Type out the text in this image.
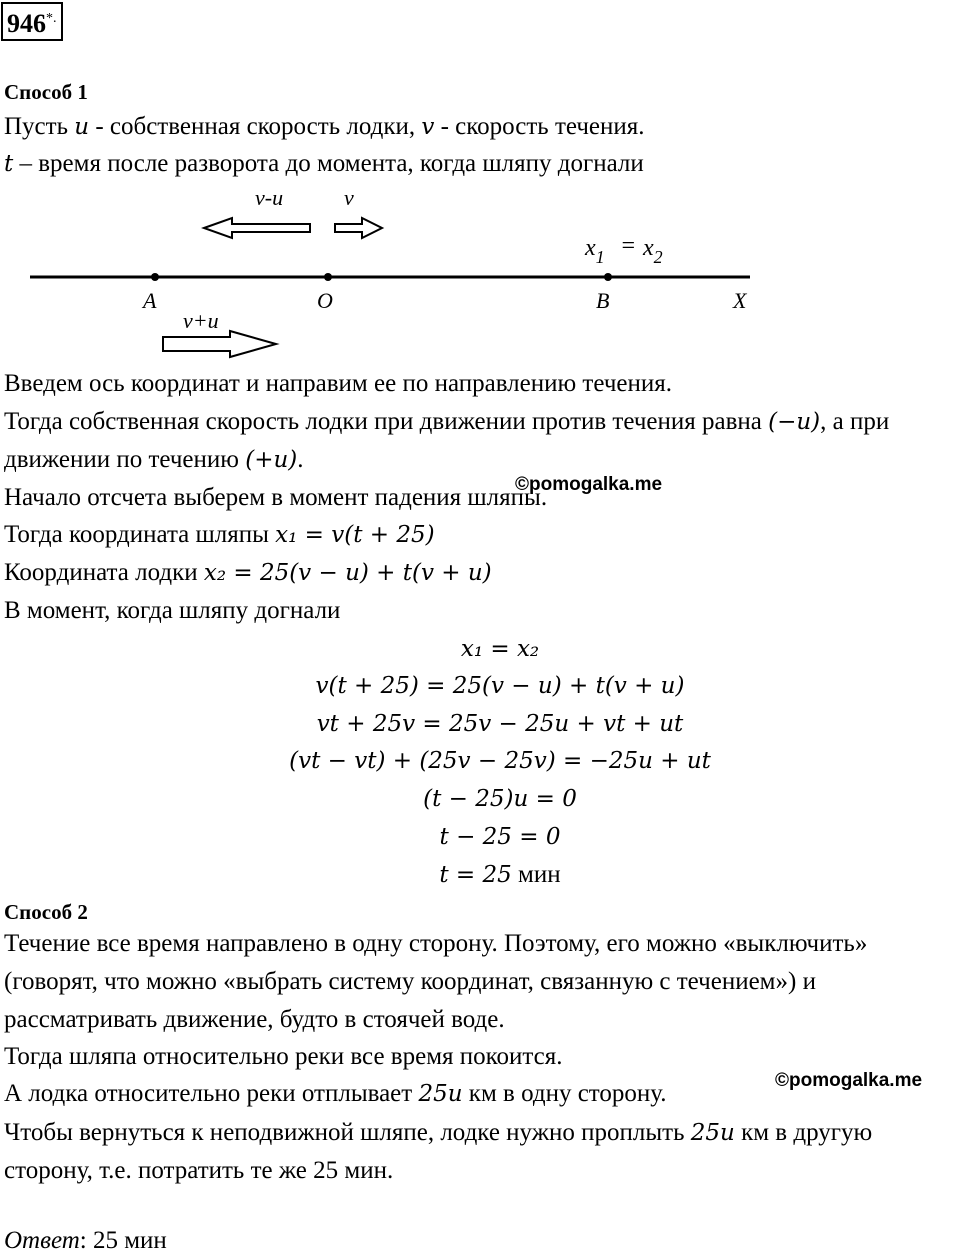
946*.
Способ 1
Пусть u - собственная скорость лодки, v - скорость течения.
t – время после разворота до момента, когда шляпу догнали
v-u	v
$x_1 = x_2$
A	O	B	X
v+u
Введем ось координат и направим ее по направлению течения.
Тогда собственная скорость лодки при движении против течения равна (−u), а при
движении по течению (+u).
©pomogalka.me
Начало отсчета выберем в момент падения шляпы.
Тогда координата шляпы x₁ = v(t + 25)
Координата лодки x₂ = 25(v − u) + t(v + u)
В момент, когда шляпу догнали
x₁ = x₂
v(t + 25) = 25(v − u) + t(v + u)
vt + 25v = 25v − 25u + vt + ut
(vt − vt) + (25v − 25v) = −25u + ut
(t − 25)u = 0
t − 25 = 0
t = 25 мин
Способ 2
Течение все время направлено в одну сторону. Поэтому, его можно «выключить»
(говорят, что можно «выбрать систему координат, связанную с течением») и
рассматривать движение, будто в стоячей воде.
Тогда шляпа относительно реки все время покоится.
©pomogalka.me
А лодка относительно реки отплывает 25u км в одну сторону.
Чтобы вернуться к неподвижной шляпе, лодке нужно проплыть 25u км в другую
сторону, т.е. потратить те же 25 мин.
Ответ: 25 мин
